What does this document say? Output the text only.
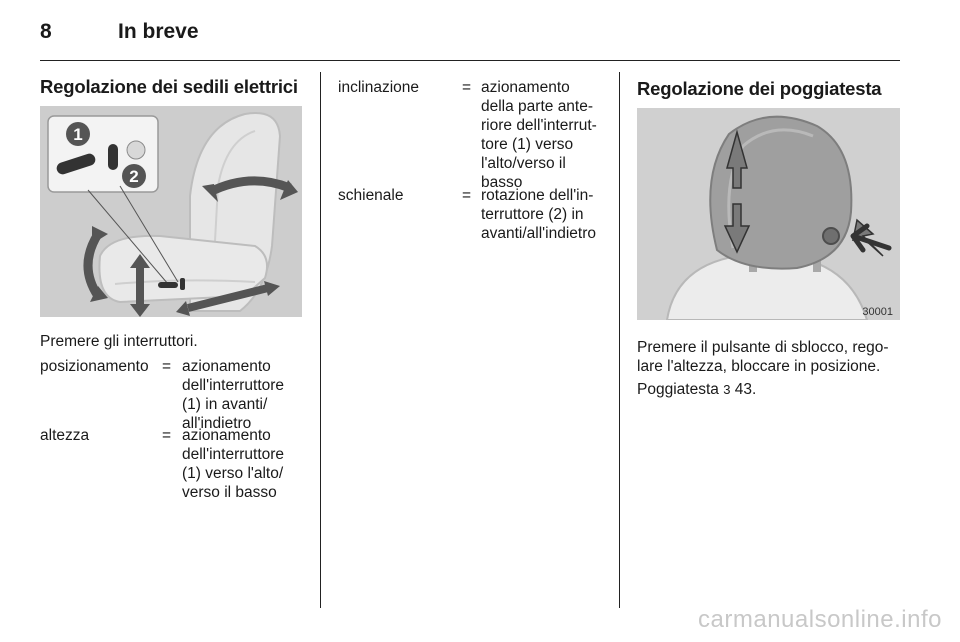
8	In breve
Regolazione dei sedili elettrici
1
2

Premere gli interruttori.

posizionamento = azionamento
dell'interruttore
(1) in avanti/
all'indietro
altezza	= azionamento
dell'interruttore
(1) verso l'alto/
verso il basso
inclinazione	= azionamento
della parte ante-
riore dell'interrut-
tore (1) verso
l'alto/verso il
basso
schienale	= rotazione dell'in-
terruttore (2) in
avanti/all'indietro
Regolazione dei poggiatesta
30001
Premere il pulsante di sblocco, rego-
lare l'altezza, bloccare in posizione.
Poggiatesta 3 43.
carmanualsonline.info
